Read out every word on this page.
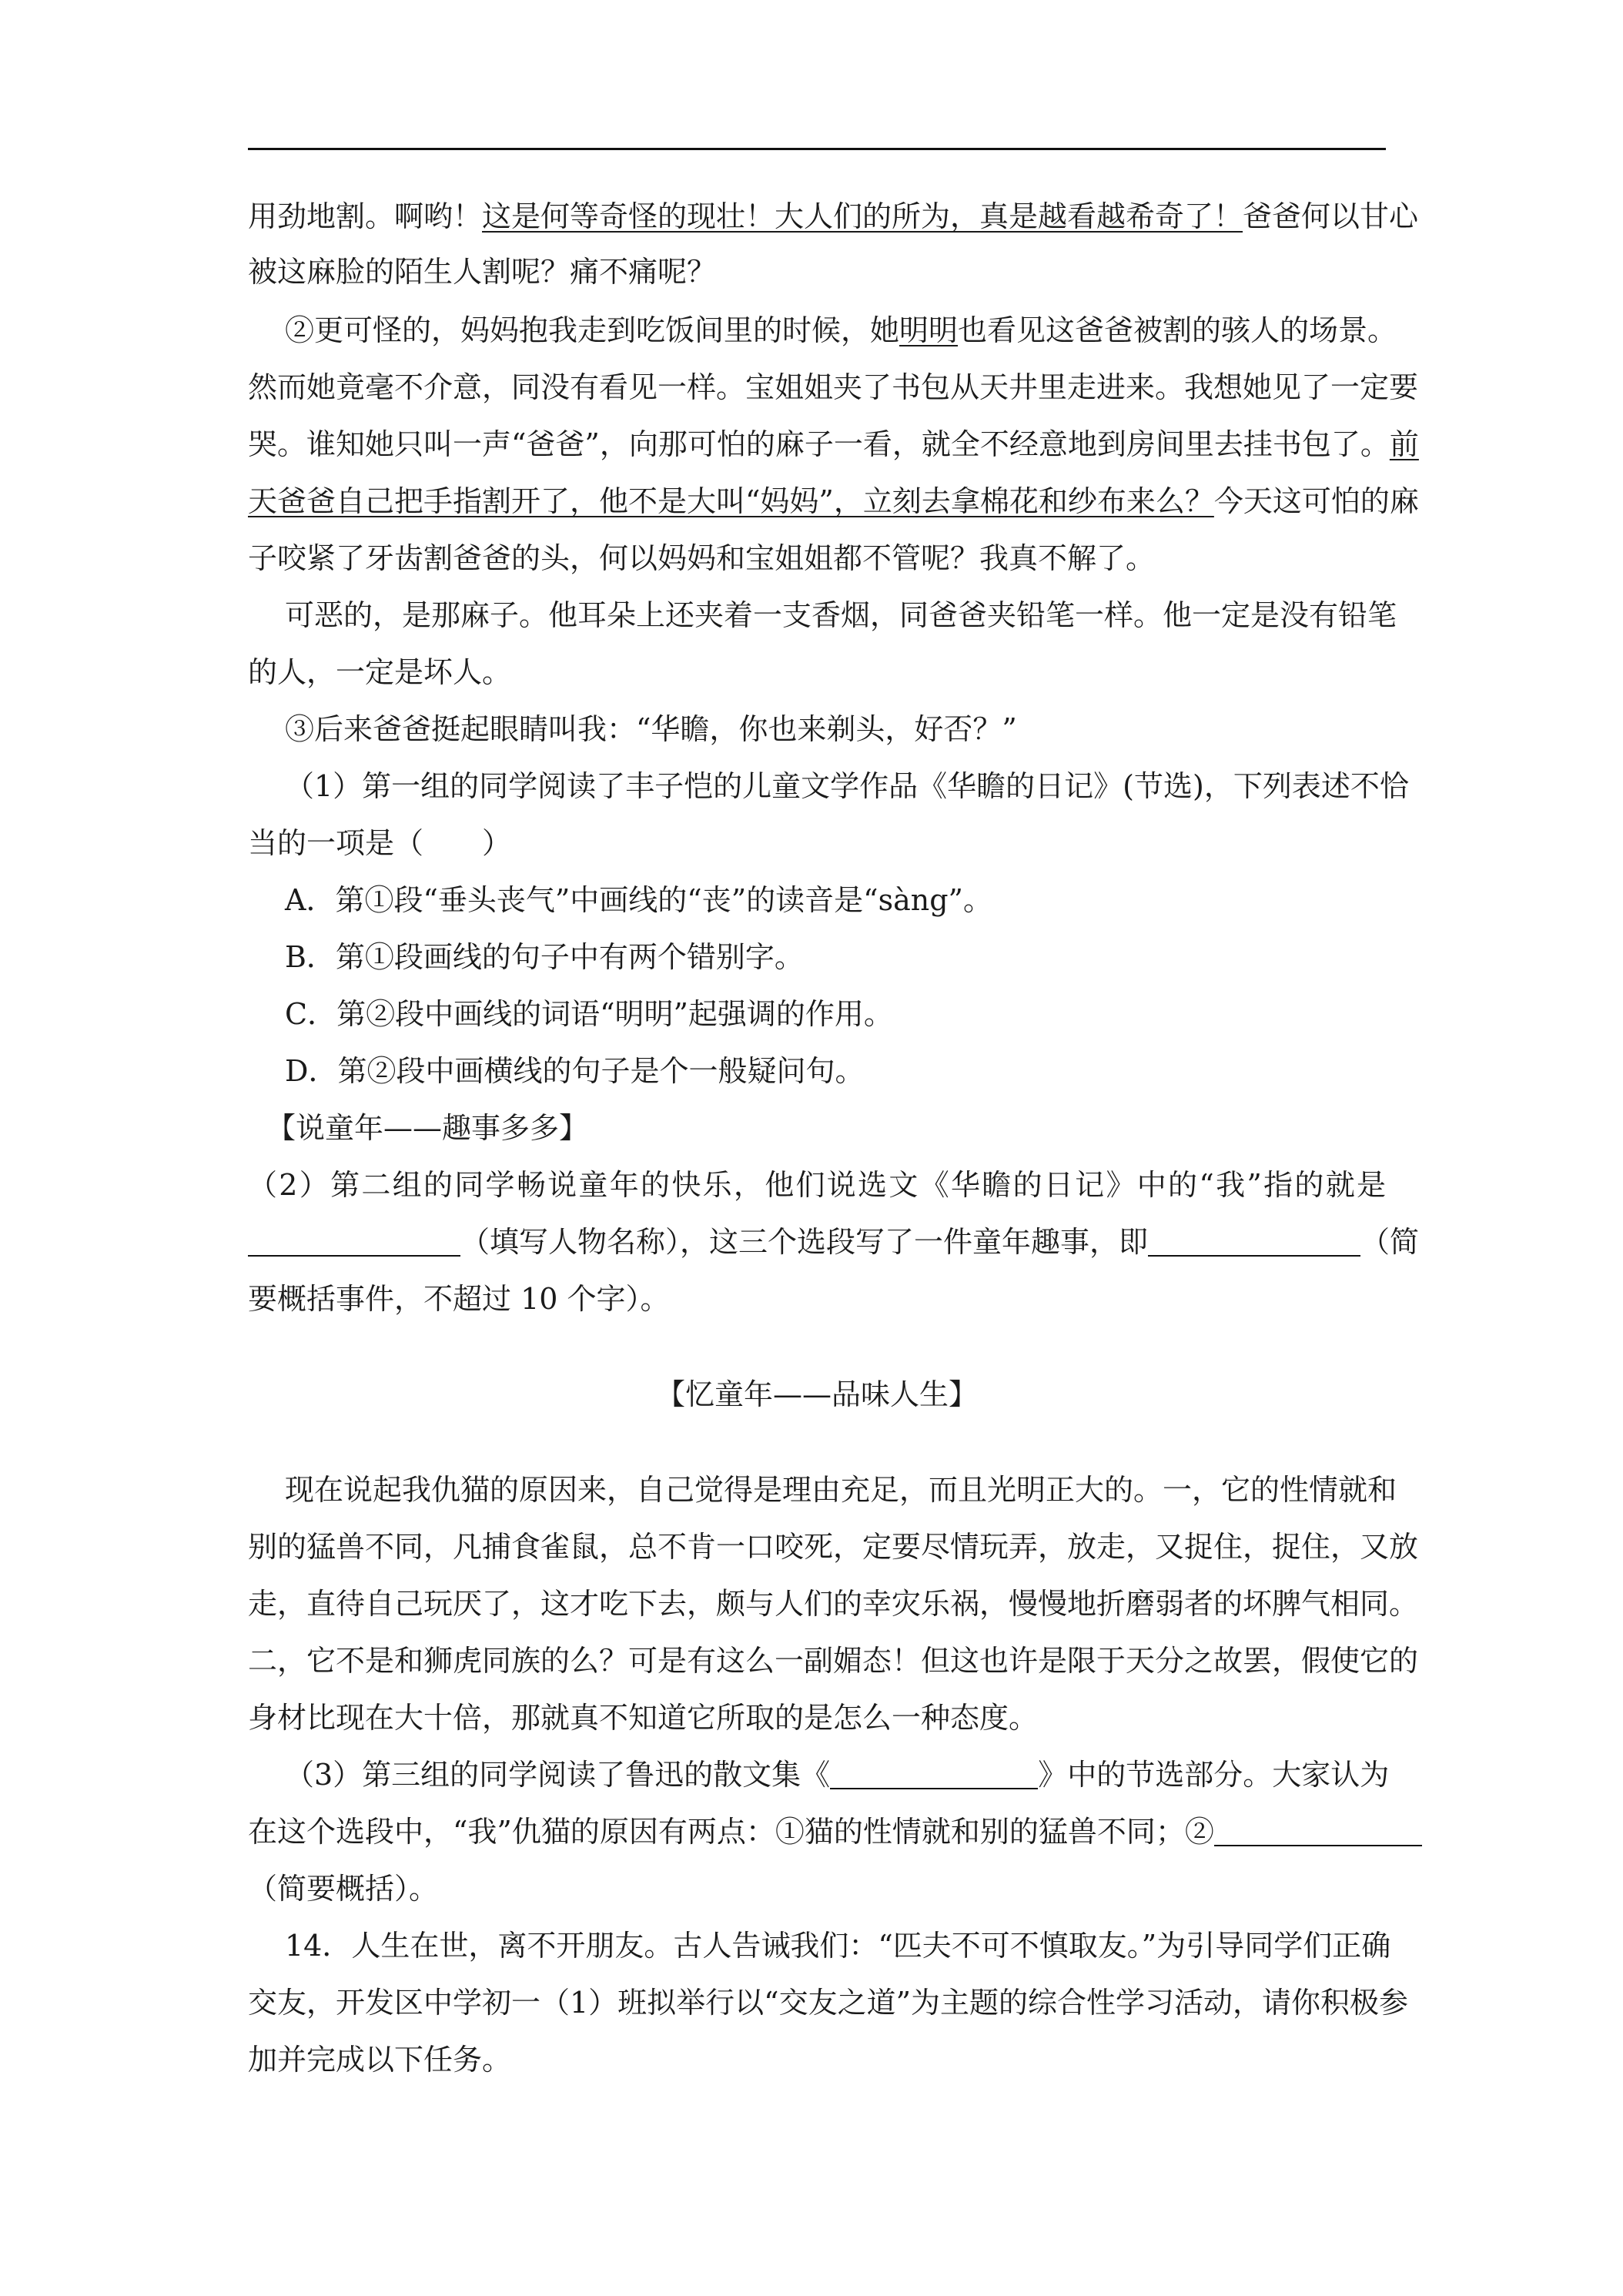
用劲地割。啊哟！这是何等奇怪的现壮！大人们的所为，真是越看越希奇了！爸爸何以甘心
被这麻脸的陌生人割呢？痛不痛呢？
②更可怪的，妈妈抱我走到吃饭间里的时候，她明明也看见这爸爸被割的骇人的场景。
然而她竟毫不介意，同没有看见一样。宝姐姐夹了书包从天井里走进来。我想她见了一定要
哭。谁知她只叫一声“爸爸”，向那可怕的麻子一看，就全不经意地到房间里去挂书包了。前
天爸爸自己把手指割开了，他不是大叫“妈妈”，立刻去拿棉花和纱布来么？今天这可怕的麻
子咬紧了牙齿割爸爸的头，何以妈妈和宝姐姐都不管呢？我真不解了。
可恶的，是那麻子。他耳朵上还夹着一支香烟，同爸爸夹铅笔一样。他一定是没有铅笔
的人，一定是坏人。
③后来爸爸挺起眼睛叫我：“华瞻，你也来剃头，好否？”
（1）第一组的同学阅读了丰子恺的儿童文学作品《华瞻的日记》(节选)，下列表述不恰
当的一项是（　　）
A．第①段“垂头丧气”中画线的“丧”的读音是“sàng”。
B．第①段画线的句子中有两个错别字。
C．第②段中画线的词语“明明”起强调的作用。
D．第②段中画横线的句子是个一般疑问句。
【说童年——趣事多多】
（2）第二组的同学畅说童年的快乐，他们说选文《华瞻的日记》中的“我”指的就是
（填写人物名称），这三个选段写了一件童年趣事，即	（简
要概括事件，不超过 10 个字）。
【忆童年——品味人生】
现在说起我仇猫的原因来，自己觉得是理由充足，而且光明正大的。一，它的性情就和
别的猛兽不同，凡捕食雀鼠，总不肯一口咬死，定要尽情玩弄，放走，又捉住，捉住，又放
走，直待自己玩厌了，这才吃下去，颇与人们的幸灾乐祸，慢慢地折磨弱者的坏脾气相同。
二，它不是和狮虎同族的么？可是有这么一副媚态！但这也许是限于天分之故罢，假使它的
身材比现在大十倍，那就真不知道它所取的是怎么一种态度。
（3）第三组的同学阅读了鲁迅的散文集《	》中的节选部分。大家认为
在这个选段中，“我”仇猫的原因有两点：①猫的性情就和别的猛兽不同；②
（简要概括）。
14．人生在世，离不开朋友。古人告诫我们：“匹夫不可不慎取友。”为引导同学们正确
交友，开发区中学初一（1）班拟举行以“交友之道”为主题的综合性学习活动，请你积极参
加并完成以下任务。
